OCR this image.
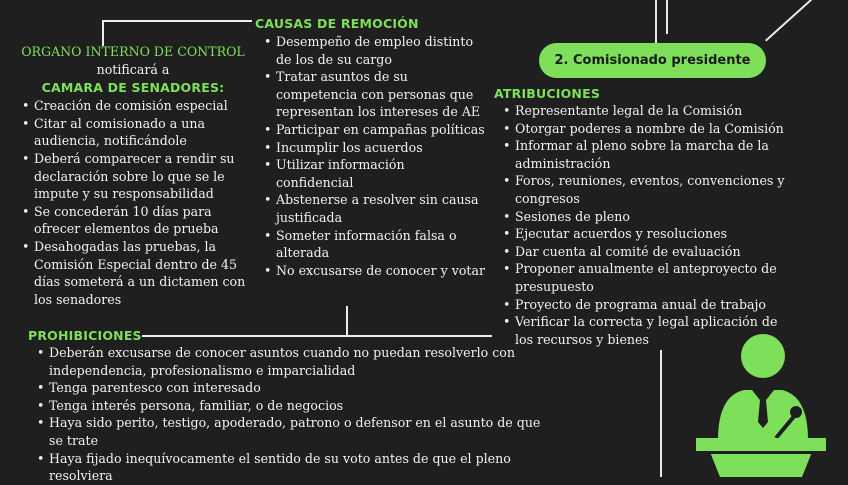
ORGANO INTERNO DE CONTROL
notificará a
CAMARA DE SENADORES:
• Creación de comisión especial
• Citar al comisionado a una audiencia, notificándole
• Deberá comparecer a rendir su declaración sobre lo que se le impute y su responsabilidad
• Se concederán 10 días para ofrecer elementos de prueba
• Desahogadas las pruebas, la Comisión Especial dentro de 45 días someterá a un dictamen con los senadores
CAUSAS DE REMOCIÓN
• Desempeño de empleo distinto de los de su cargo
• Tratar asuntos de su competencia con personas que representan los intereses de AE
• Participar en campañas políticas
• Incumplir los acuerdos
• Utilizar información confidencial
• Abstenerse a resolver sin causa justificada
• Someter información falsa o alterada
• No excusarse de conocer y votar
2. Comisionado presidente
ATRIBUCIONES
• Representante legal de la Comisión
• Otorgar poderes a nombre de la Comisión
• Informar al pleno sobre la marcha de la administración
• Foros, reuniones, eventos, convenciones y congresos
• Sesiones de pleno
• Ejecutar acuerdos y resoluciones
• Dar cuenta al comité de evaluación
• Proponer anualmente el anteproyecto de presupuesto
• Proyecto de programa anual de trabajo
• Verificar la correcta y legal aplicación de los recursos y bienes
PROHIBICIONES
• Deberán excusarse de conocer asuntos cuando no puedan resolverlo con independencia, profesionalismo e imparcialidad
• Tenga parentesco con interesado
• Tenga interés persona, familiar, o de negocios
• Haya sido perito, testigo, apoderado, patrono o defensor en el asunto de que se trate
• Haya fijado inequívocamente el sentido de su voto antes de que el pleno resolviera
